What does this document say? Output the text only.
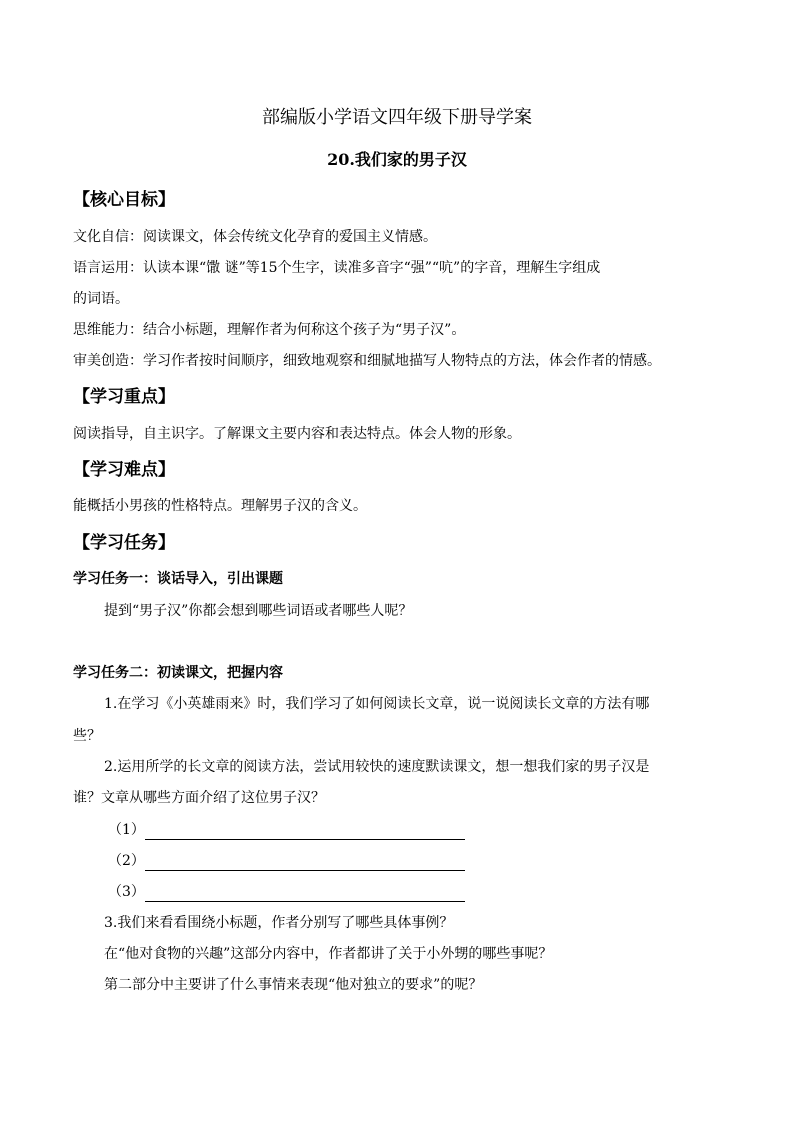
部编版小学语文四年级下册导学案
20.我们家的男子汉
【核心目标】
文化自信：阅读课文，体会传统文化孕育的爱国主义情感。
语言运用：认读本课“馓 谜”等15个生字，读准多音字“强”“吭”的字音，理解生字组成
的词语。
思维能力：结合小标题，理解作者为何称这个孩子为“男子汉”。
审美创造：学习作者按时间顺序，细致地观察和细腻地描写人物特点的方法，体会作者的情感。
【学习重点】
阅读指导，自主识字。了解课文主要内容和表达特点。体会人物的形象。
【学习难点】
能概括小男孩的性格特点。理解男子汉的含义。
【学习任务】
学习任务一：谈话导入，引出课题
提到“男子汉”你都会想到哪些词语或者哪些人呢？
学习任务二：初读课文，把握内容
1.在学习《小英雄雨来》时，我们学习了如何阅读长文章，说一说阅读长文章的方法有哪
些？
2.运用所学的长文章的阅读方法，尝试用较快的速度默读课文，想一想我们家的男子汉是
谁？文章从哪些方面介绍了这位男子汉？
（1）
（2）
（3）
3.我们来看看围绕小标题，作者分别写了哪些具体事例？
在“他对食物的兴趣”这部分内容中，作者都讲了关于小外甥的哪些事呢？
第二部分中主要讲了什么事情来表现“他对独立的要求”的呢？
